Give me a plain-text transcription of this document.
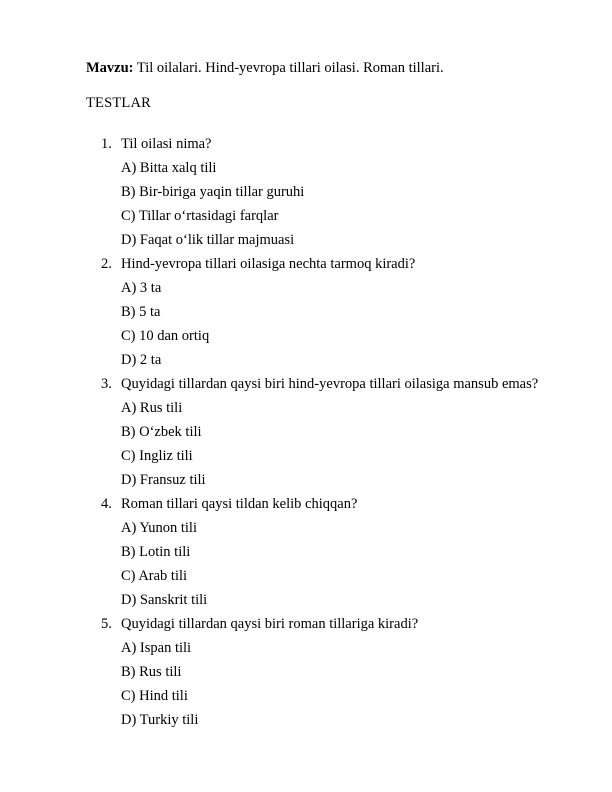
Mavzu: Til oilalari. Hind-yevropa tillari oilasi. Roman tillari.
TESTLAR
1. Til oilasi nima?
A) Bitta xalq tili
B) Bir-biriga yaqin tillar guruhi
C) Tillar o‘rtasidagi farqlar
D) Faqat o‘lik tillar majmuasi
2. Hind-yevropa tillari oilasiga nechta tarmoq kiradi?
A) 3 ta
B) 5 ta
C) 10 dan ortiq
D) 2 ta
3. Quyidagi tillardan qaysi biri hind-yevropa tillari oilasiga mansub emas?
A) Rus tili
B) O‘zbek tili
C) Ingliz tili
D) Fransuz tili
4. Roman tillari qaysi tildan kelib chiqqan?
A) Yunon tili
B) Lotin tili
C) Arab tili
D) Sanskrit tili
5. Quyidagi tillardan qaysi biri roman tillariga kiradi?
A) Ispan tili
B) Rus tili
C) Hind tili
D) Turkiy tili
